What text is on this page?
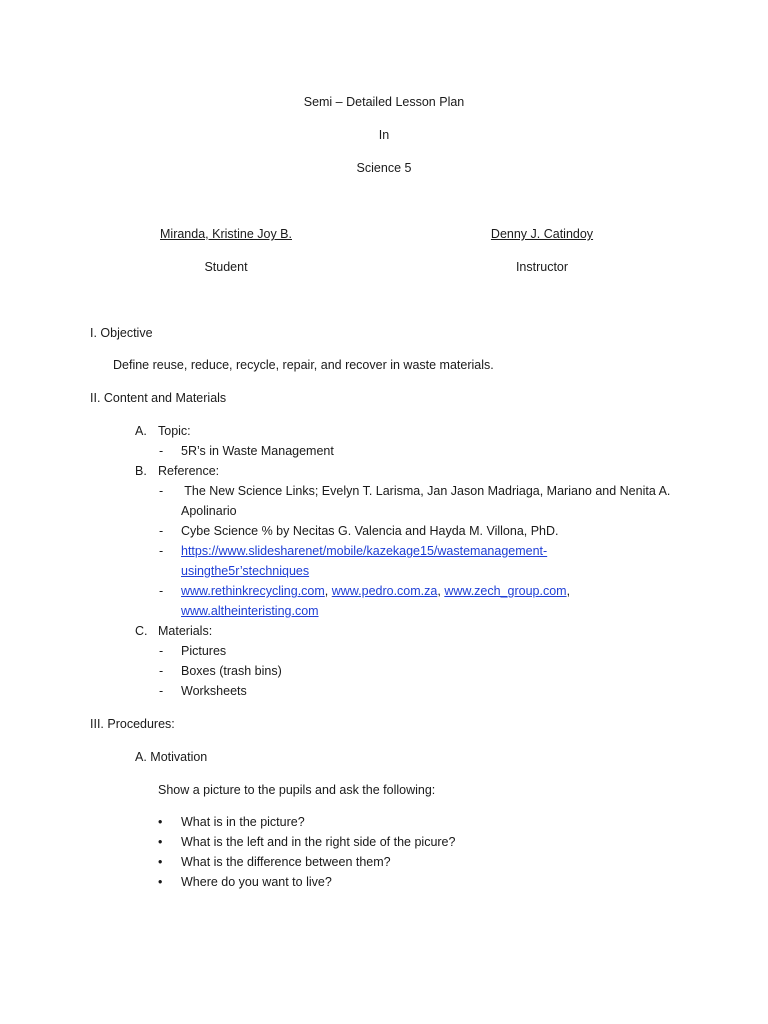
Semi – Detailed Lesson Plan
In
Science 5
Miranda, Kristine Joy B.
Student
Denny J. Catindoy
Instructor
I. Objective
Define reuse, reduce, recycle, repair, and recover in waste materials.
II. Content and Materials
A. Topic:
- 5R’s in Waste Management
B. Reference:
- The New Science Links; Evelyn T. Larisma, Jan Jason Madriaga, Mariano and Nenita A.
Apolinario
- Cybe Science % by Necitas G. Valencia and Hayda M. Villona, PhD.
- https://www.slidesharenet/mobile/kazekage15/wastemanagement-
usingthe5r’stechniques
- www.rethinkrecycling.com, www.pedro.com.za, www.zech_group.com,
www.altheinteristing.com
C. Materials:
- Pictures
- Boxes (trash bins)
- Worksheets
III. Procedures:
A. Motivation
Show a picture to the pupils and ask the following:
• What is in the picture?
• What is the left and in the right side of the picure?
• What is the difference between them?
• Where do you want to live?
